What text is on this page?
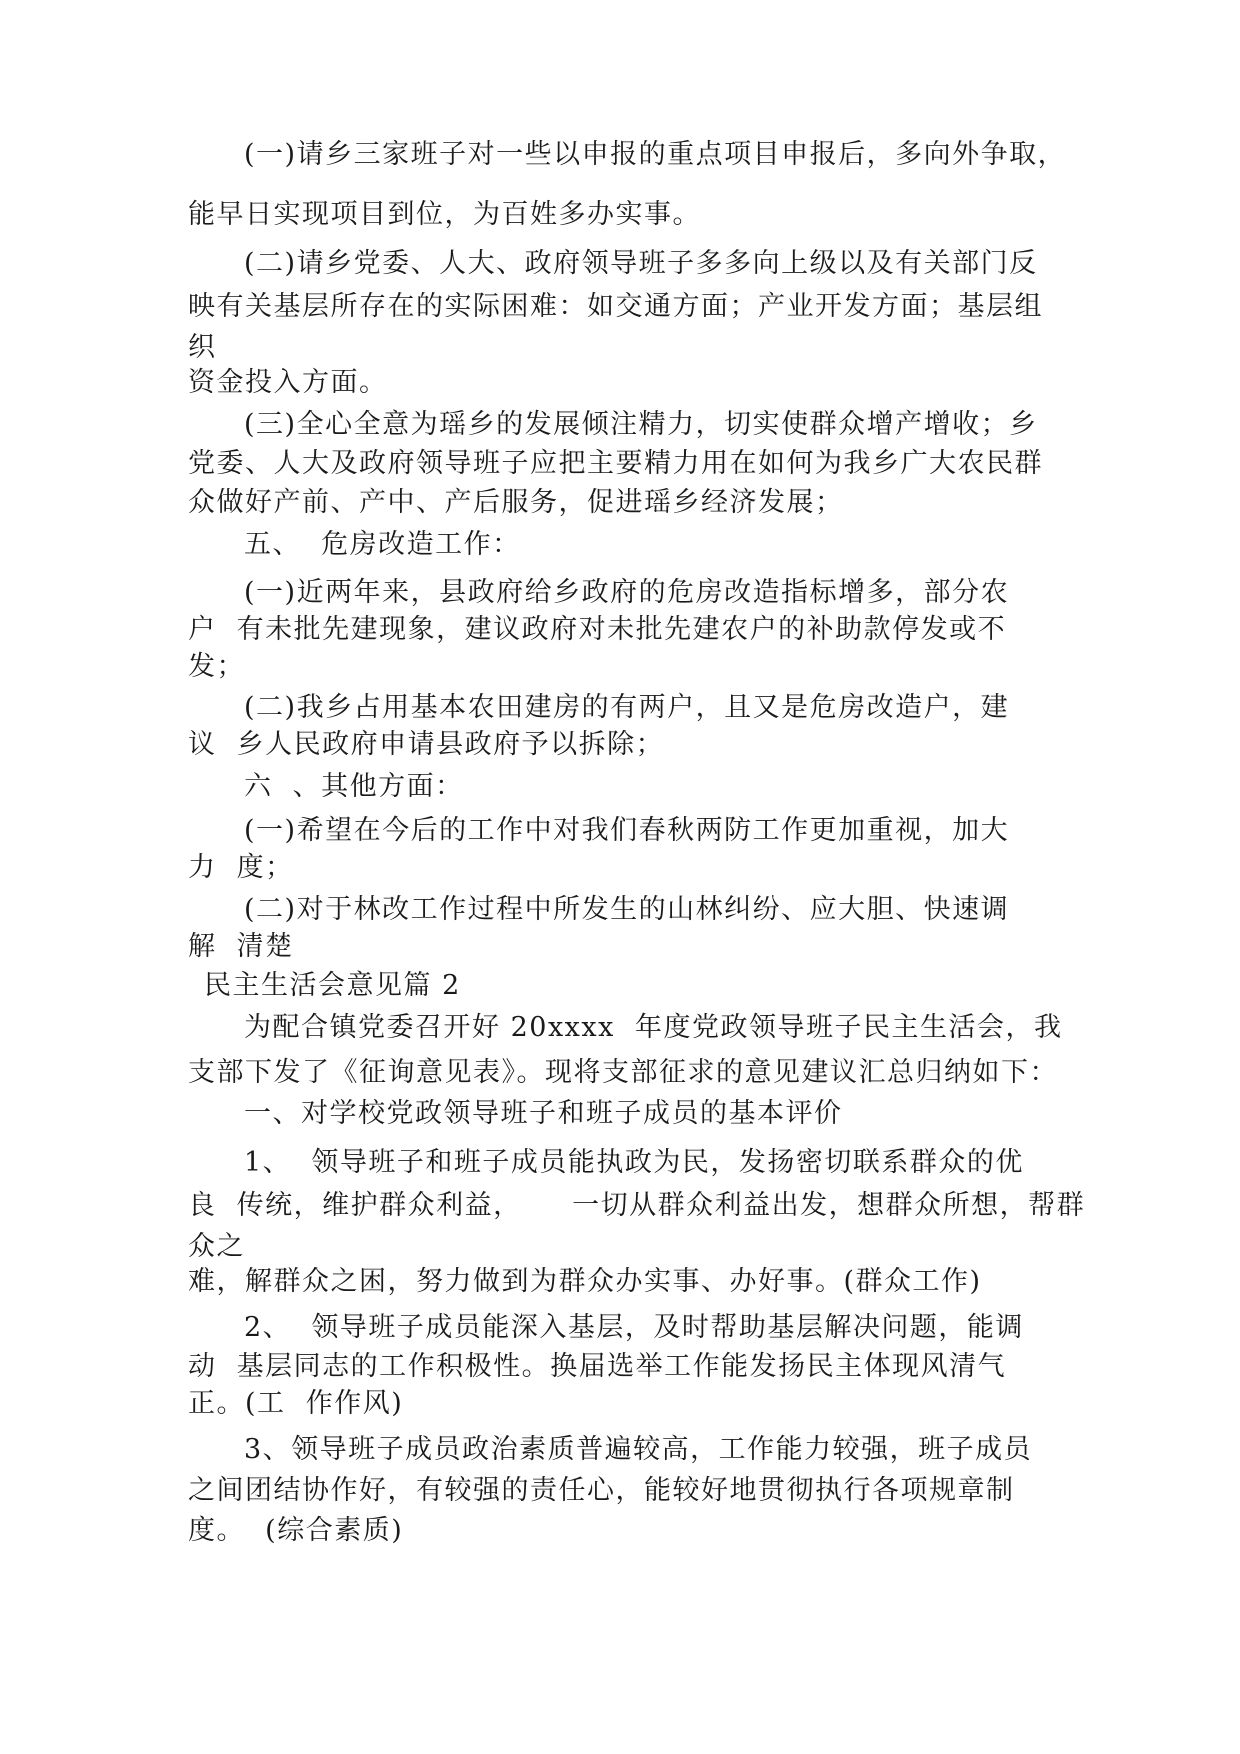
(一)请乡三家班子对一些以申报的重点项目申报后，多向外争取，
能早日实现项目到位，为百姓多办实事。
(二)请乡党委、人大、政府领导班子多多向上级以及有关部门反
映有关基层所存在的实际困难：如交通方面；产业开发方面；基层组
织
资金投入方面。
(三)全心全意为瑶乡的发展倾注精力，切实使群众增产增收；乡
党委、人大及政府领导班子应把主要精力用在如何为我乡广大农民群
众做好产前、产中、产后服务，促进瑶乡经济发展；
五、  危房改造工作：
(一)近两年来，县政府给乡政府的危房改造指标增多，部分农
户  有未批先建现象，建议政府对未批先建农户的补助款停发或不
发；
(二)我乡占用基本农田建房的有两户，且又是危房改造户，建
议  乡人民政府申请县政府予以拆除；
六  、其他方面：
(一)希望在今后的工作中对我们春秋两防工作更加重视，加大
力  度；
(二)对于林改工作过程中所发生的山林纠纷、应大胆、快速调
解  清楚
民主生活会意见篇 2
为配合镇党委召开好 20xxxx  年度党政领导班子民主生活会，我
支部下发了《征询意见表》。现将支部征求的意见建议汇总归纳如下：
一、对学校党政领导班子和班子成员的基本评价
1、  领导班子和班子成员能执政为民，发扬密切联系群众的优
良  传统，维护群众利益，     一切从群众利益出发，想群众所想，帮群
众之
难，解群众之困，努力做到为群众办实事、办好事。(群众工作)
2、  领导班子成员能深入基层，及时帮助基层解决问题，能调
动  基层同志的工作积极性。换届选举工作能发扬民主体现风清气
正。(工  作作风)
3、领导班子成员政治素质普遍较高，工作能力较强，班子成员
之间团结协作好，有较强的责任心，能较好地贯彻执行各项规章制
度。  (综合素质)
